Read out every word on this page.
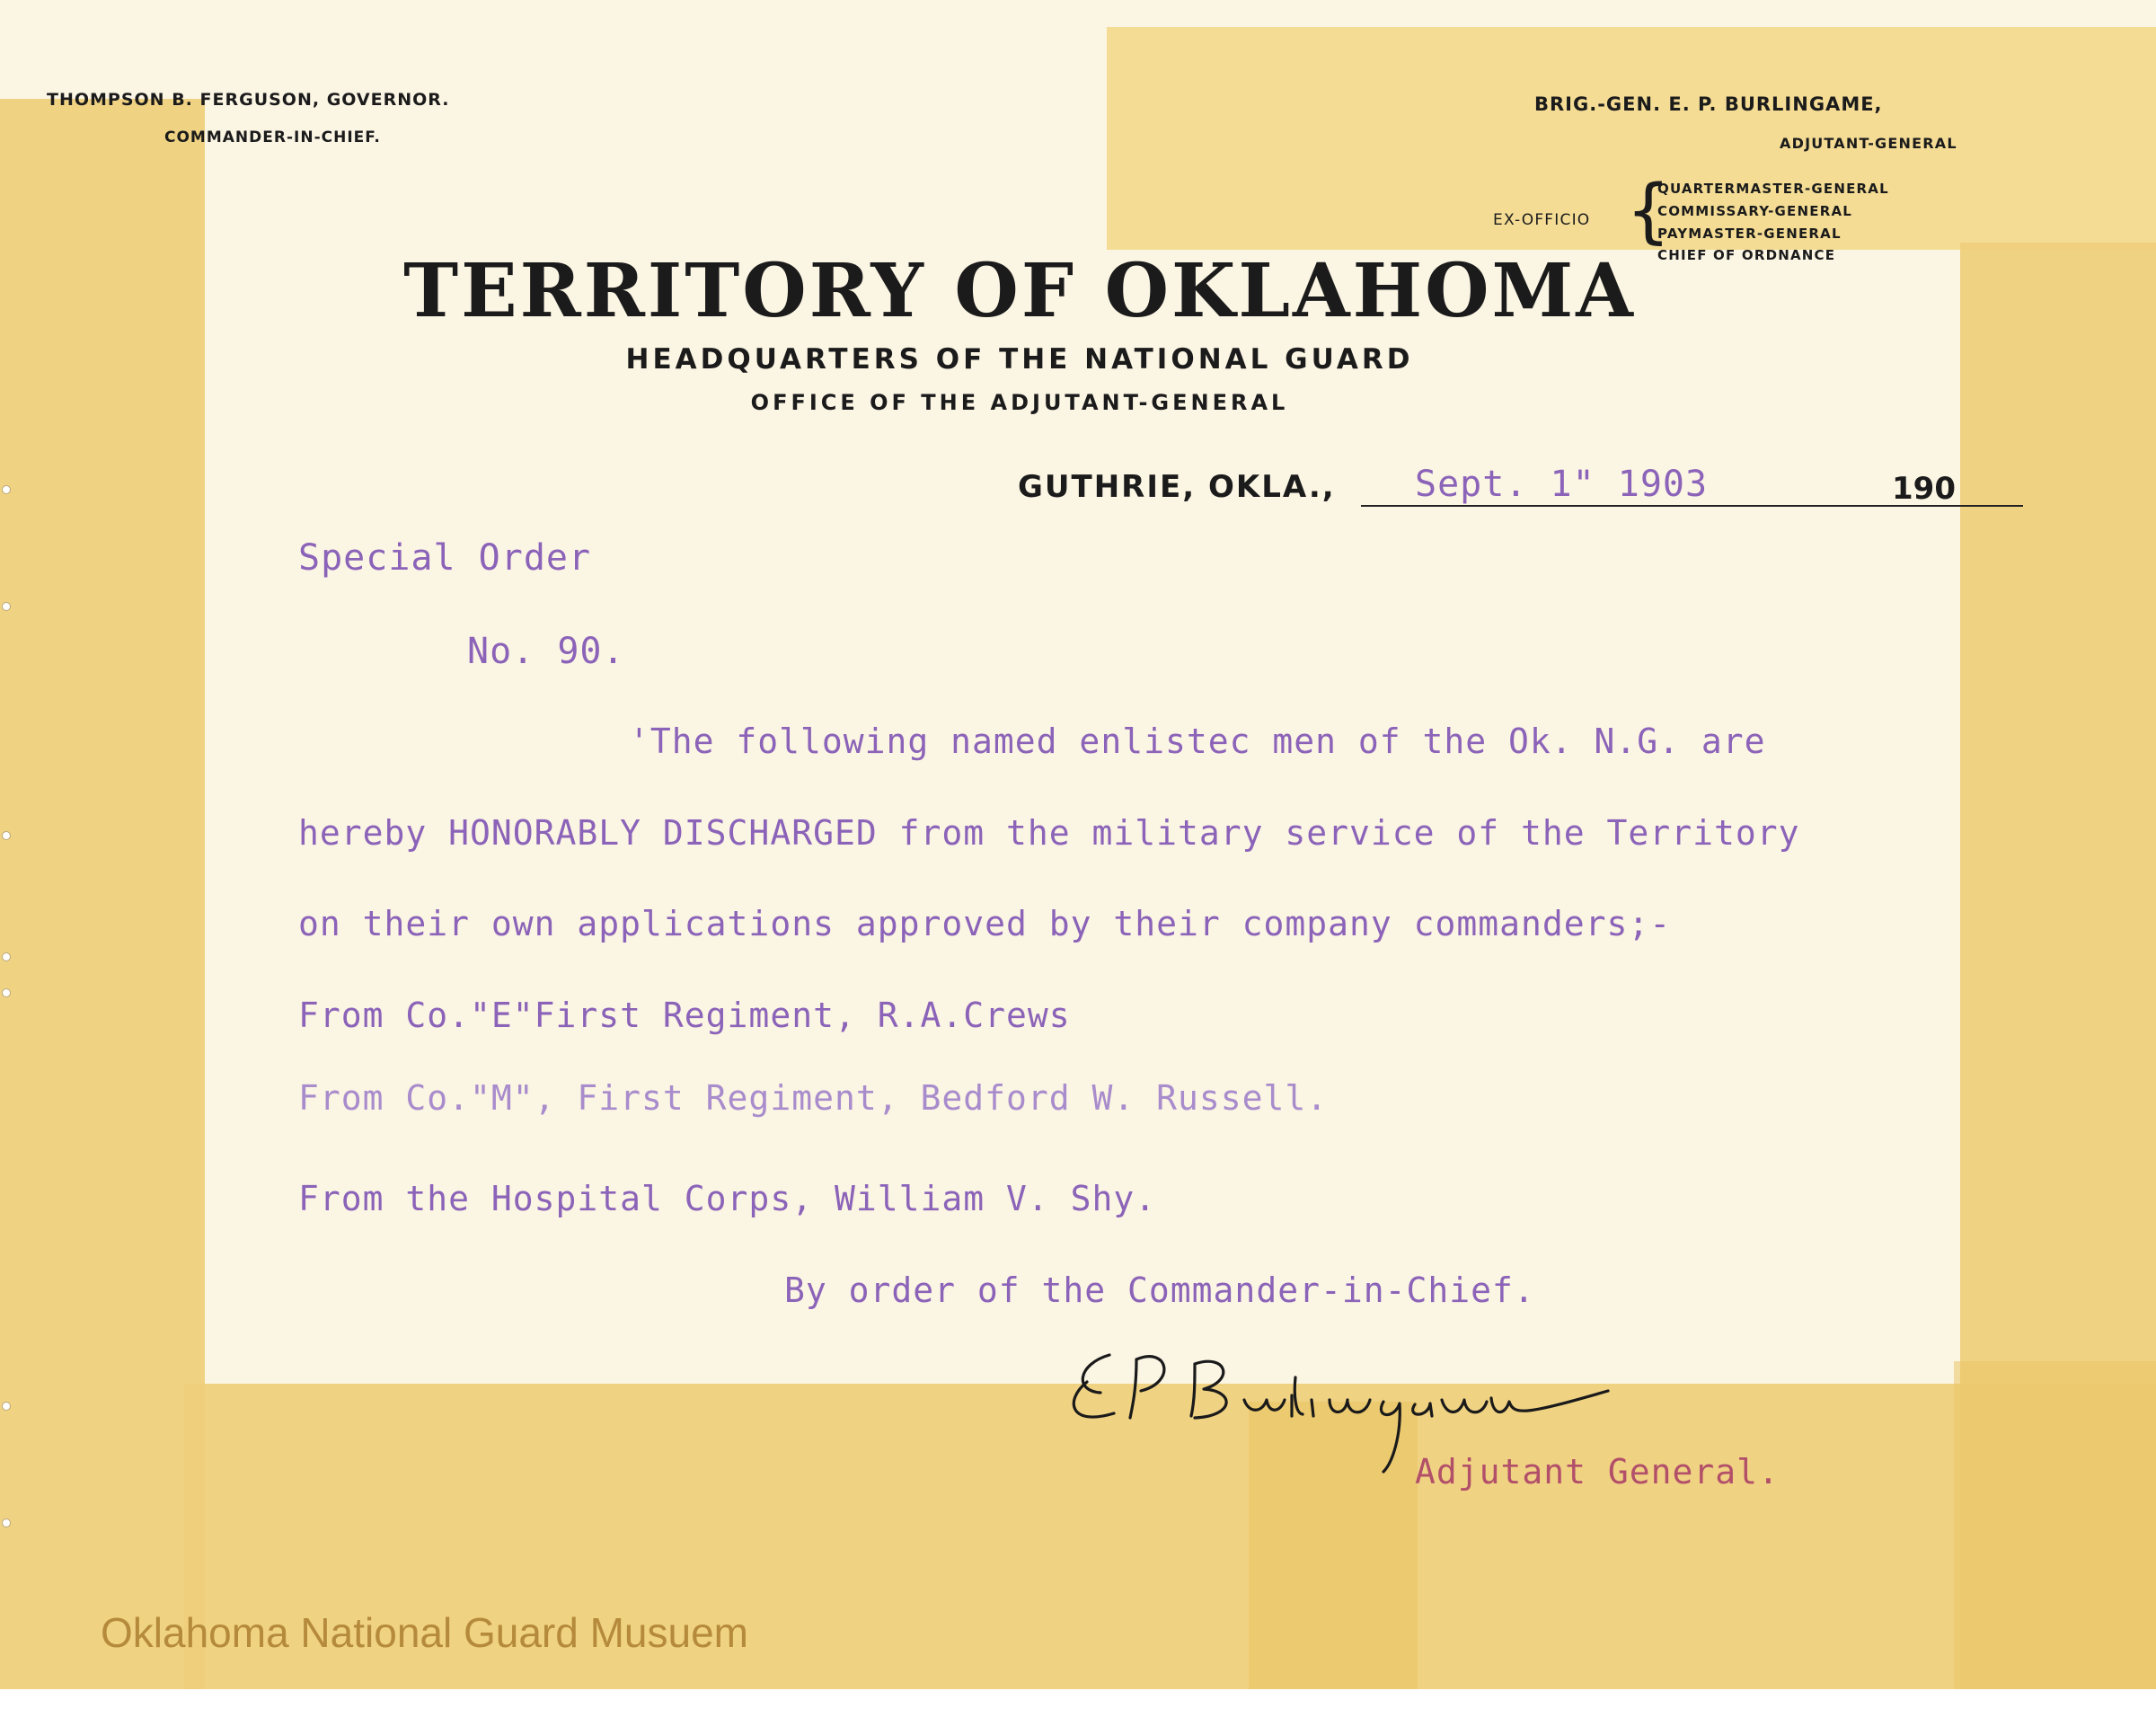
THOMPSON B. FERGUSON, GOVERNOR.
COMMANDER-IN-CHIEF.
BRIG.-GEN. E. P. BURLINGAME,
ADJUTANT-GENERAL
EX-OFFICIO {
QUARTERMASTER-GENERAL
COMMISSARY-GENERAL
PAYMASTER-GENERAL
CHIEF OF ORDNANCE
TERRITORY OF OKLAHOMA
HEADQUARTERS OF THE NATIONAL GUARD
OFFICE OF THE ADJUTANT-GENERAL
GUTHRIE, OKLA.,	190
Sept. 1" 1903
Special Order
No. 90.
'The following named enlistec men of the Ok. N.G. are
hereby HONORABLY DISCHARGED from the military service of the Territory
on their own applications approved by their company commanders;-
From Co."E"First Regiment, R.A.Crews
From Co."M", First Regiment, Bedford W. Russell.
From the Hospital Corps, William V. Shy.
By order of the Commander-in-Chief.
Adjutant General.
Oklahoma National Guard Musuem
